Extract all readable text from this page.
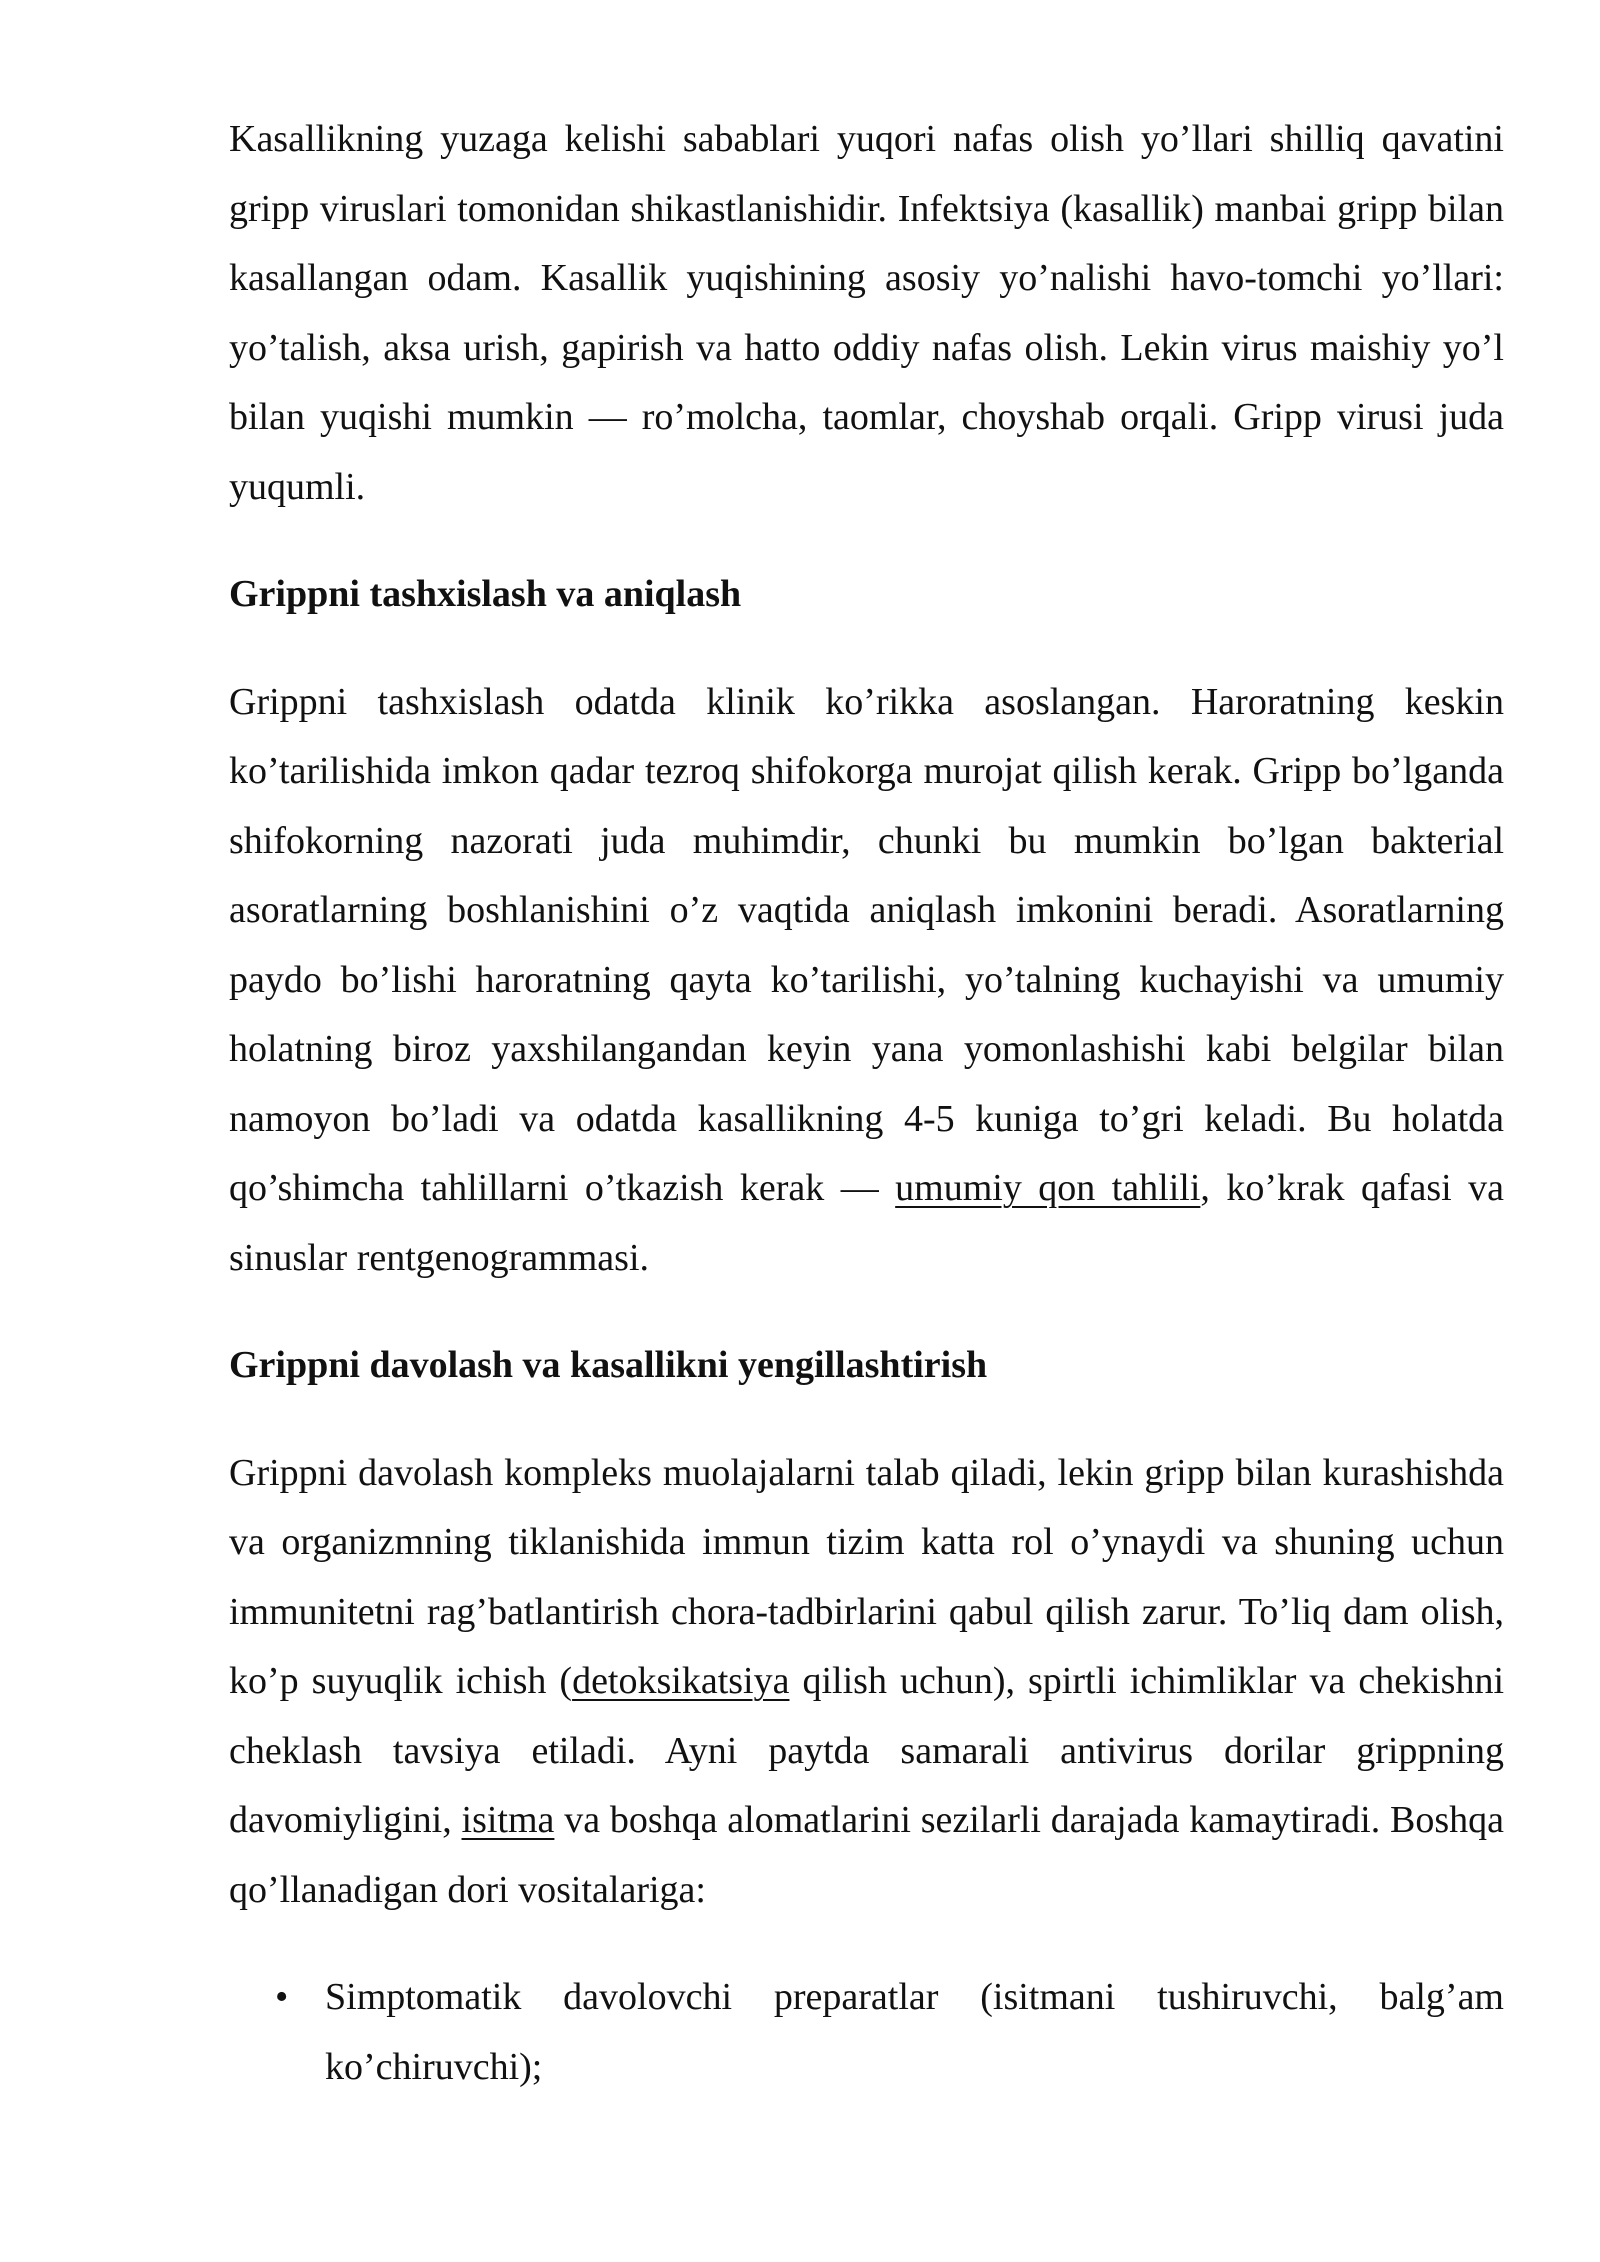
Kasallikning yuzaga kelishi sabablari yuqori nafas olish yo’llari shilliq qavatini gripp viruslari tomonidan shikastlanishidir. Infektsiya (kasallik) manbai gripp bilan kasallangan odam. Kasallik yuqishining asosiy yo’nalishi havo-tomchi yo’llari: yo’talish, aksa urish, gapirish va hatto oddiy nafas olish. Lekin virus maishiy yo’l bilan yuqishi mumkin — ro’molcha, taomlar, choyshab orqali. Gripp virusi juda yuqumli.

Grippni tashxislash va aniqlash

Grippni tashxislash odatda klinik ko’rikka asoslangan. Haroratning keskin ko’tarilishida imkon qadar tezroq shifokorga murojat qilish kerak. Gripp bo’lganda shifokorning nazorati juda muhimdir, chunki bu mumkin bo’lgan bakterial asoratlarning boshlanishini o’z vaqtida aniqlash imkonini beradi. Asoratlarning paydo bo’lishi haroratning qayta ko’tarilishi, yo’talning kuchayishi va umumiy holatning biroz yaxshilangandan keyin yana yomonlashishi kabi belgilar bilan namoyon bo’ladi va odatda kasallikning 4-5 kuniga to’gri keladi. Bu holatda qo’shimcha tahlillarni o’tkazish kerak — umumiy qon tahlili, ko’krak qafasi va sinuslar rentgenogrammasi.

Grippni davolash va kasallikni yengillashtirish

Grippni davolash kompleks muolajalarni talab qiladi, lekin gripp bilan kurashishda va organizmning tiklanishida immun tizim katta rol o’ynaydi va shuning uchun immunitetni rag’batlantirish chora-tadbirlarini qabul qilish zarur. To’liq dam olish, ko’p suyuqlik ichish (detoksikatsiya qilish uchun), spirtli ichimliklar va chekishni cheklash tavsiya etiladi. Ayni paytda samarali antivirus dorilar grippning davomiyligini, isitma va boshqa alomatlarini sezilarli darajada kamaytiradi. Boshqa qo’llanadigan dori vositalariga:

• Simptomatik davolovchi preparatlar (isitmani tushiruvchi, balg’am ko’chiruvchi);
